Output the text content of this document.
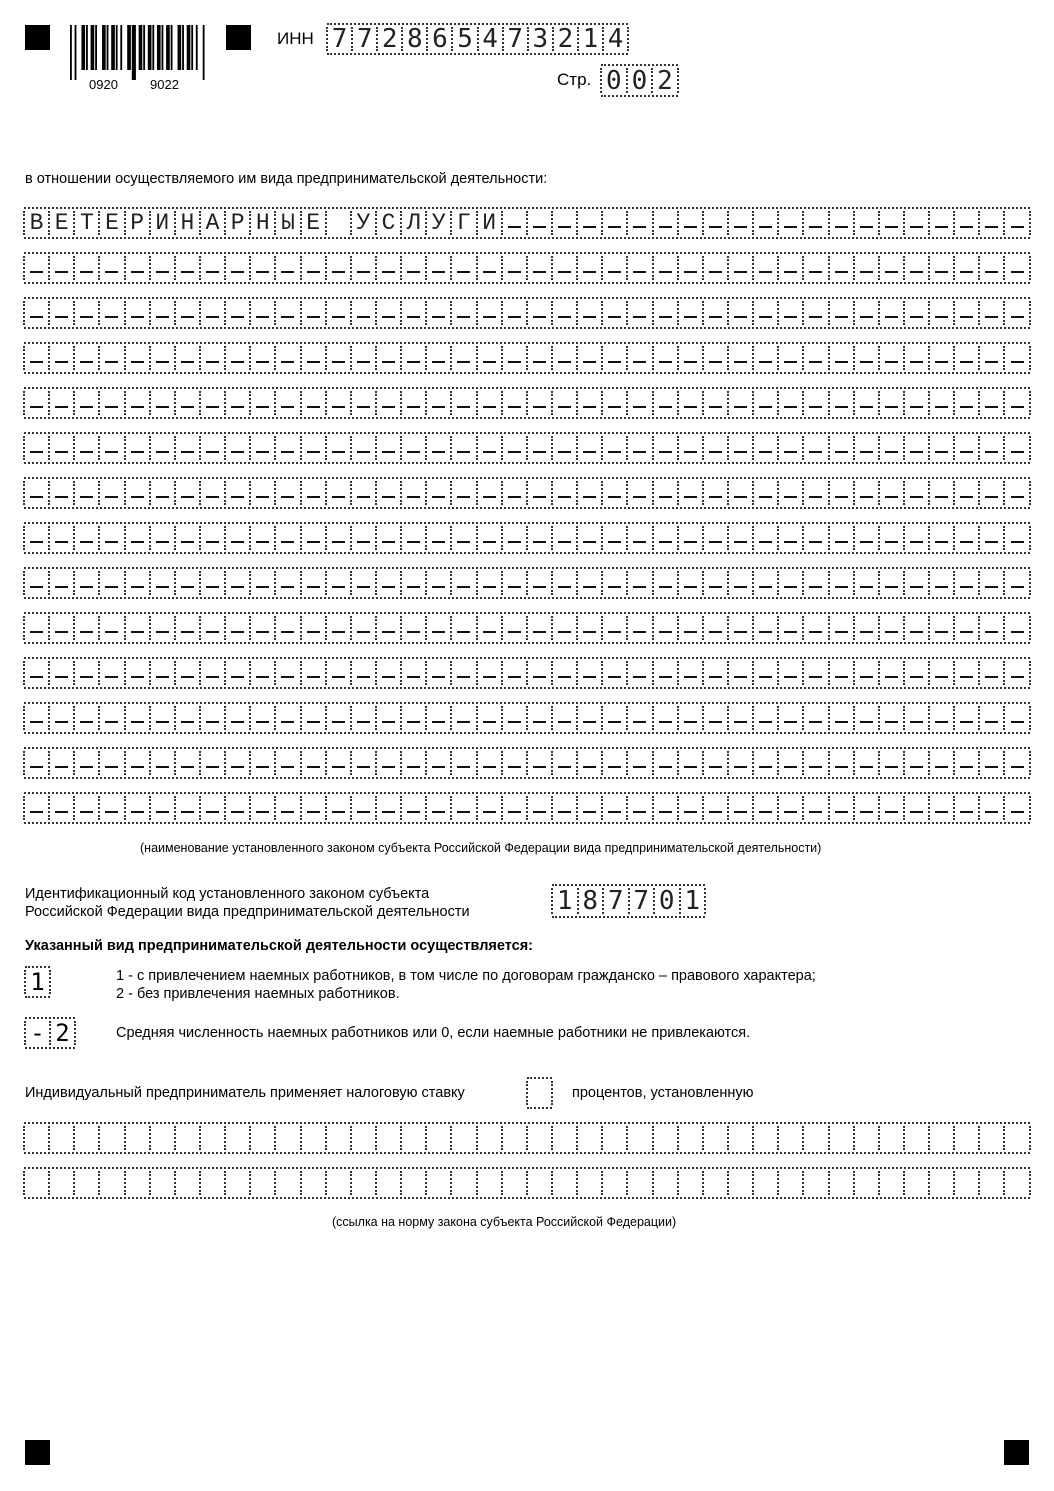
0920 9022
ИНН 7 7 2 8 6 5 4 7 3 2 1 4
Стр. 0 0 2
в отношении осуществляемого им вида предпринимательской деятельности:
В Е Т Е Р И Н А Р Н Ы Е У С Л У Г И
(наименование установленного законом субъекта Российской Федерации вида предпринимательской деятельности)
Идентификационный код установленного законом субъекта
Российской Федерации вида предпринимательской деятельности	1 8 7 7 0 1
Указанный вид предпринимательской деятельности осуществляется:
1	1 - с привлечением наемных работников, в том числе по договорам гражданско – правового характера;
2 - без привлечения наемных работников.
- 2	Средняя численность наемных работников или 0, если наемные работники не привлекаются.
Индивидуальный предприниматель применяет налоговую ставку	процентов, установленную
(ссылка на норму закона субъекта Российской Федерации)
